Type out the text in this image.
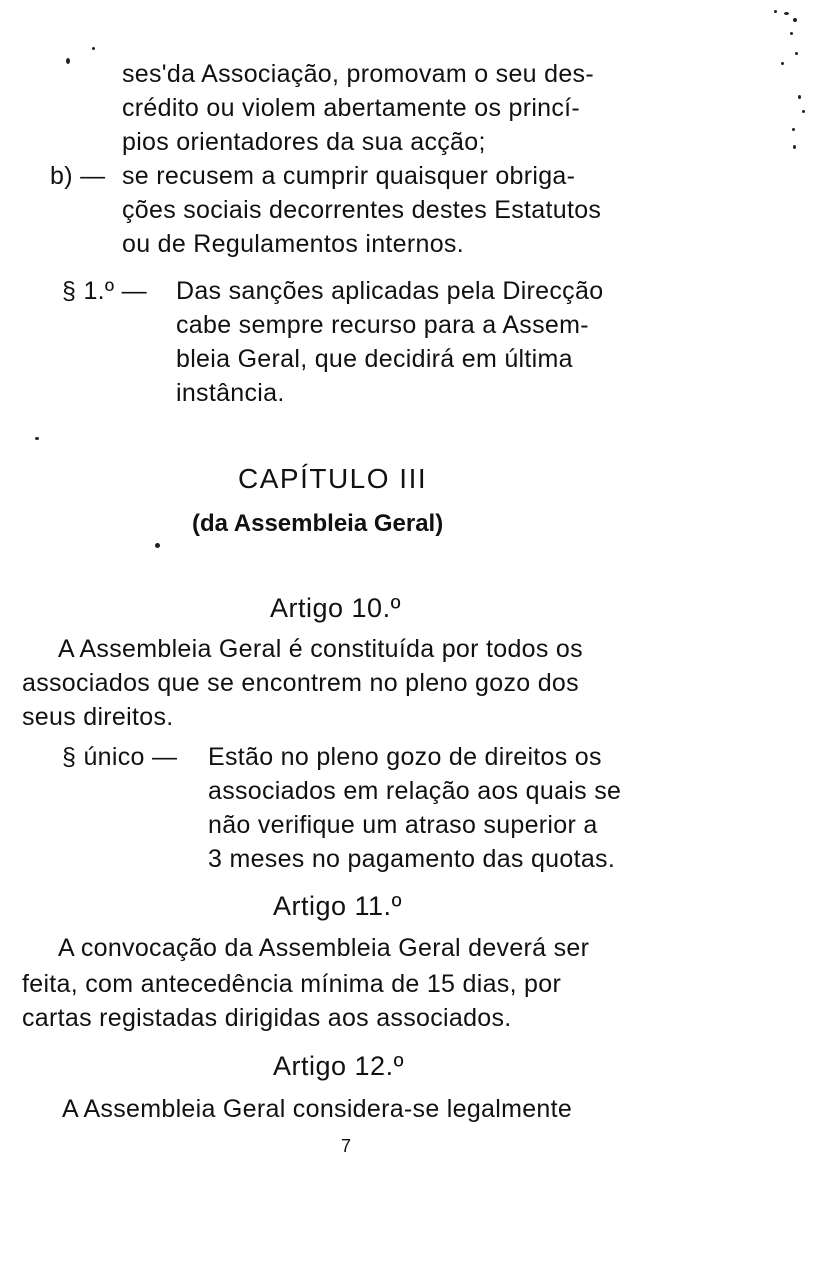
ses'da Associação, promovam o seu des-
crédito ou violem abertamente os princí-
pios orientadores da sua acção;
b) — se recusem a cumprir quaisquer obriga-
ções sociais decorrentes destes Estatutos
ou de Regulamentos internos.
§ 1.º — Das sanções aplicadas pela Direcção
cabe sempre recurso para a Assem-
bleia Geral, que decidirá em última
instância.
CAPÍTULO III
(da Assembleia Geral)
Artigo 10.º
A Assembleia Geral é constituída por todos os
associados que se encontrem no pleno gozo dos
seus direitos.
§ único — Estão no pleno gozo de direitos os
associados em relação aos quais se
não verifique um atraso superior a
3 meses no pagamento das quotas.
Artigo 11.º
A convocação da Assembleia Geral deverá ser
feita, com antecedência mínima de 15 dias, por
cartas registadas dirigidas aos associados.
Artigo 12.º
A Assembleia Geral considera-se legalmente
7
